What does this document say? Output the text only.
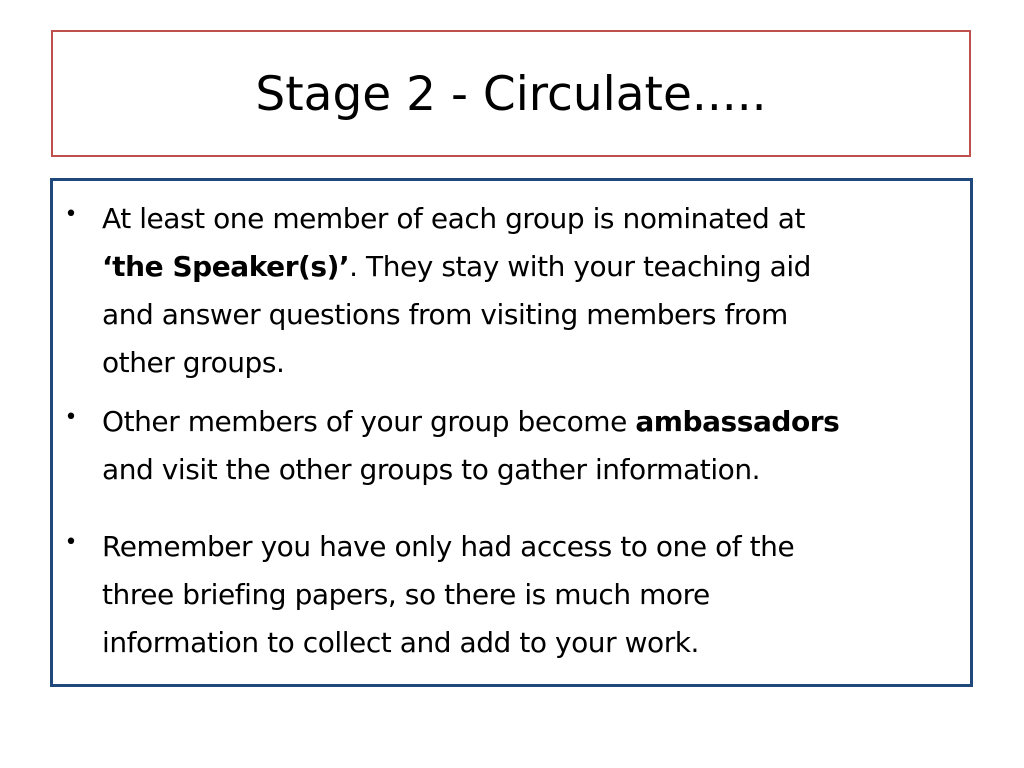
Stage 2 - Circulate.....
• At least one member of each group is nominated at
‘the Speaker(s)’. They stay with your teaching aid
and answer questions from visiting members from
other groups.
• Other members of your group become ambassadors
and visit the other groups to gather information.
• Remember you have only had access to one of the
three briefing papers, so there is much more
information to collect and add to your work.
